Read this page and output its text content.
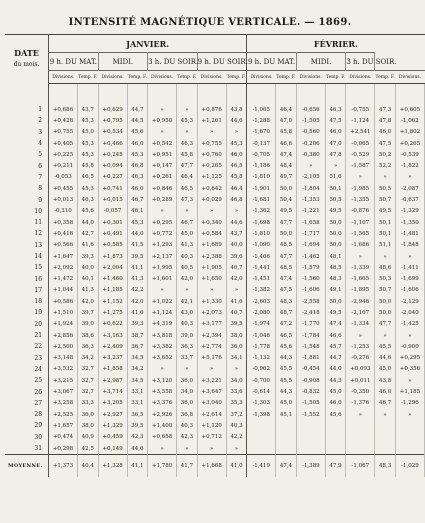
INTENSITÉ MAGNÉTIQUE VERTICALE. — 1869.
DATE
du mois.	JANVIER.								FÉVRIER.						
	9 h. DU MAT.		MIDI.		3 h. DU SOIR.		9 h. DU SOIR.		9 h. DU MAT.		MIDI.		3 h. DU SOIR.		
	Divisions.	Temp. F.	Divisions.	Temp. F.	Divisions.	Temp. F.	Divisions.	Temp. F.	Divisions.	Temp. F.	Divisions.	Temp. F.	Divisions.	Temp. F.	Divisions.

1	+0,686	43,7	+0,629	44,7	»	»	+0,876	43,8	-1,065	46,4	-0,656	46,3	-0,755	47,3	+0,605
2	+0,428	45,3	+0,795	44,5	+0,950	45,3	+1,261	44,6	-1,288	47,0	-1,505	47,5	-1,124	47,8	-1,062
3	+0,755	45,0	+0,534	45,6	»	»	»	»	-1,670	45,8	-0,560	46,0	+2,541	46,0	+1,802
4	+0,405	45,3	+0,466	46,0	+0,542	46,3	+0,755	45,3	-0,137	46,6	-0,206	47,0	-0,065	47,5	+0,265
5	+0,225	45,3	+0,245	45,3	+0,951	45,8	+0,760	46,0	-0,705	47,4	-0,380	47,8	-0,529	50,2	-0,539
6	+0,211	45,8	+0,094	46,8	+0,147	47,7	+0,265	46,5	-1,186	48,4	»	»	-1,587	52,2	-1,822
7	-0,053	46,5	+0,227	46,3	+0,261	46,4	+1,125	45,8	-1,819	49,7	-2,105	51,6	»	»	»
8	+0,455	45,3	+0,741	46,0	+0,846	46,5	+0,642	46,4	-1,901	50,0	-1,804	50,1	-1,985	50,5	-2,087
9	+0,013	46,3	+0,015	46,7	+0,289	47,3	+0,029	46,8	-1,681	50,4	-1,353	50,5	-1,355	50,7	-0,637
10	-0,310	45,6	-0,057	46,1	»	»	»	»	-1,362	49,5	-1,221	49,5	-0,876	49,5	-1,329
11	+0,358	44,0	+0,301	45,3	+0,295	46,7	+0,340	44,6	-1,698	47,7	-1,658	50,0	-1,107	50,1	-1,350
12	+0,416	42,7	+0,491	44,0	+0,772	45,0	+0,584	43,7	-1,810	50,0	-1,717	50,0	-1,565	50,1	-1,481
13	+0,566	41,6	+0,585	41,5	+1,293	41,3	+1,689	40,0	-1,090	48,5	-1,694	50,0	-1,686	51,1	-1,848
14	+1,647	39,3	+1,873	39,5	+2,137	40,3	+2,388	39,6	-1,466	47,7	-1,462	48,1	»	»	»
15	+2,092	40,0	+2,004	41,1	+1,995	40,5	+1,905	40,7	-1,441	48,5	-1,579	48,5	-1,339	48,6	-1,411
16	+1,472	40,1	+1,460	41,3	+1,601	42,0	+1,650	42,0	-1,451	47,4	-1,560	48,3	-1,665	50,3	-1,699
17	+1,044	41,3	+1,185	42,2	»	»	»	»	-1,382	47,5	-1,606	49,1	-1,895	50,7	-1,606
18	+0,586	42,0	+1,152	42,0	+1,022	42,1	+1,330	41,6	-2,603	48,3	-2,558	50,0	-2,946	50,0	-2,129
19	+1,510	39,7	+1,275	41,6	+1,124	43,0	+2,073	40,7	-2,080	48,7	-2,418	49,5	-2,167	50,0	-2,040
20	+1,924	39,0	+0,622	39,3	+4,319	40,3	+3,177	39,5	-1,974	47,2	-1,770	47,4	-1,334	47,7	-1,425
21	+2,856	38,6	+3,163	38,7	+3,818	39,0	+2,394	38,0	-1,046	46,5	-1,784	46,6	»	»	»
22	+2,500	36,3	+2,409	36,7	+3,382	36,3	+2,774	36,0	-1,778	45,6	-1,548	45,7	-1,253	45,5	-0,900
23	+3,148	34,2	+3,237	34,5	+3,652	33,7	+5,176	34,1	-1,132	44,3	-1,881	44,7	-0,276	44,6	+0,295
24	+3,532	32,7	+1,858	34,2	»	»	»	»	-0,962	45,5	-0,454	44,0	+0,093	45,0	+0,356
25	+3,215	32,7	+2,987	34,5	+3,120	36,0	+3,221	34,0	-0,700	45,5	-0,908	44,3	+0,011	43,8	»
26	+3,067	32,7	+3,714	33,1	+3,558	34,0	+3,647	33,6	-0,614	44,3	-0,832	45,0	-0,350	46,0	+1,185
27	+3,258	33,3	+3,205	33,1	+3,376	36,0	+3,040	35,3	-1,303	45,0	-1,505	46,0	-1,376	46,7	-1,296
28	+2,525	36,0	+2,927	36,5	+2,926	36,8	+2,614	37,2	-1,398	45,1	-1,552	45,6	»	»	»
29	+1,657	38,0	+1,329	39,5	+1,400	40,3	+1,120	40,3							
30	+0,474	40,9	+0,459	42,3	+0,658	42,3	+0,712	42,2							
31	+0,298	42,5	+0,149	44,6	»	»	»	»							
MOYENNE.	+1,373	40,4	+1,328	41,1	+1,780	41,7	+1,668	41,0	-1,419	47,4	-1,389	47,9	-1,067	48,3	-1,029
